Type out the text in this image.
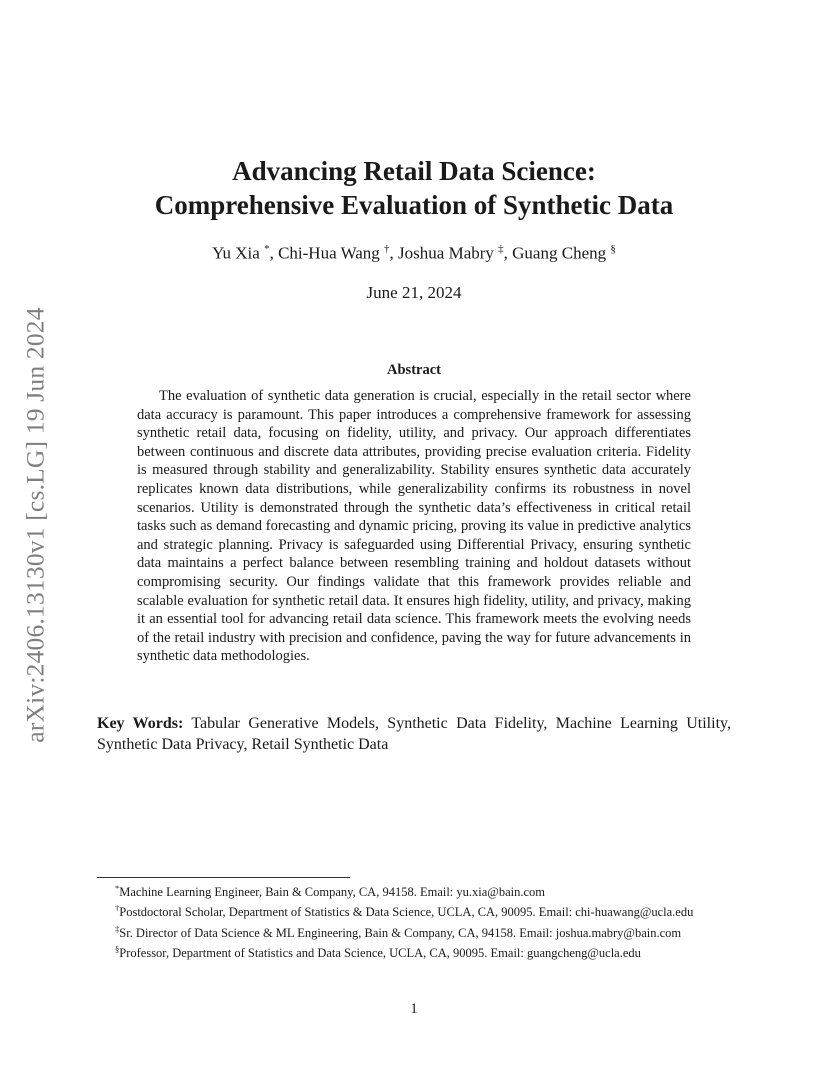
arXiv:2406.13130v1 [cs.LG] 19 Jun 2024
Advancing Retail Data Science:
Comprehensive Evaluation of Synthetic Data
Yu Xia *, Chi-Hua Wang †, Joshua Mabry ‡, Guang Cheng §
June 21, 2024
Abstract

The evaluation of synthetic data generation is crucial, especially in the retail sector where data accuracy is paramount. This paper introduces a comprehensive framework for assessing synthetic retail data, focusing on fidelity, utility, and privacy. Our approach differentiates between continuous and discrete data attributes, providing precise evaluation criteria. Fidelity is measured through stability and generalizability. Stability ensures synthetic data accurately replicates known data distributions, while generalizability confirms its robustness in novel scenarios. Utility is demonstrated through the synthetic data’s effectiveness in critical retail tasks such as demand forecasting and dynamic pricing, proving its value in predictive analytics and strategic planning. Privacy is safeguarded using Differential Privacy, ensuring synthetic data maintains a perfect balance between resembling training and holdout datasets without compromising security. Our findings validate that this framework provides reliable and scalable evaluation for synthetic retail data. It ensures high fidelity, utility, and privacy, making it an essential tool for advancing retail data science. This framework meets the evolving needs of the retail industry with precision and confidence, paving the way for future advancements in synthetic data methodologies.

Key Words: Tabular Generative Models, Synthetic Data Fidelity, Machine Learning Utility, Synthetic Data Privacy, Retail Synthetic Data

*Machine Learning Engineer, Bain & Company, CA, 94158. Email: yu.xia@bain.com

†Postdoctoral Scholar, Department of Statistics & Data Science, UCLA, CA, 90095. Email: chi-huawang@ucla.edu

‡Sr. Director of Data Science & ML Engineering, Bain & Company, CA, 94158. Email: joshua.mabry@bain.com

§Professor, Department of Statistics and Data Science, UCLA, CA, 90095. Email: guangcheng@ucla.edu

1
